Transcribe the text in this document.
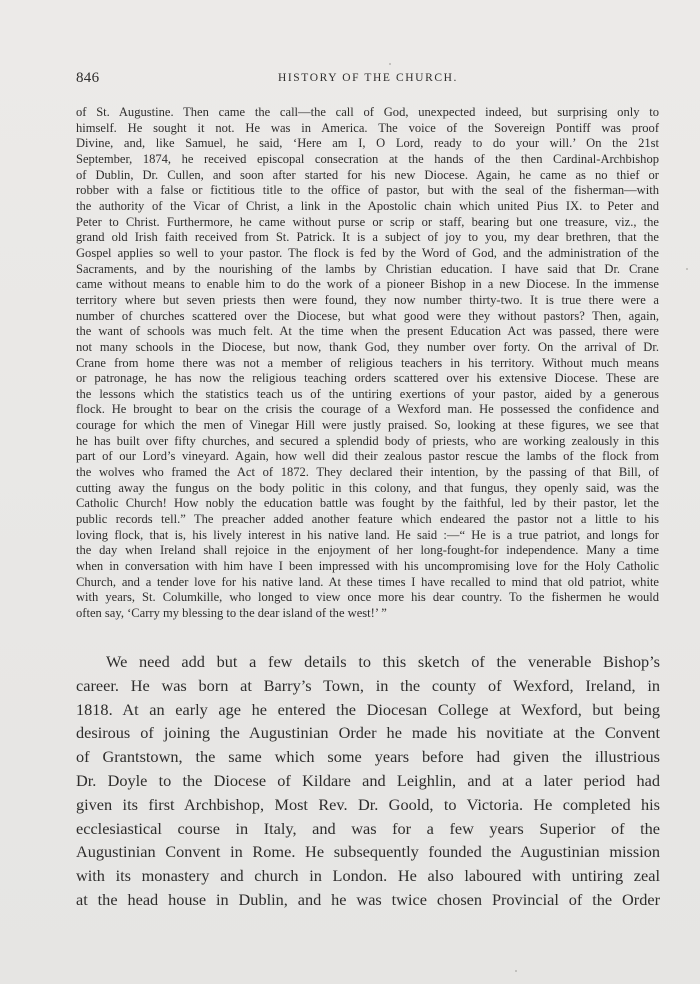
846	HISTORY OF THE CHURCH.
of St. Augustine. Then came the call—the call of God, unexpected indeed, but surprising only to
himself. He sought it not. He was in America. The voice of the Sovereign Pontiff was proof
Divine, and, like Samuel, he said, ‘Here am I, O Lord, ready to do your will.’ On the 21st
September, 1874, he received episcopal consecration at the hands of the then Cardinal-Archbishop
of Dublin, Dr. Cullen, and soon after started for his new Diocese. Again, he came as no thief or
robber with a false or fictitious title to the office of pastor, but with the seal of the fisherman—with
the authority of the Vicar of Christ, a link in the Apostolic chain which united Pius IX. to Peter and
Peter to Christ. Furthermore, he came without purse or scrip or staff, bearing but one treasure, viz., the
grand old Irish faith received from St. Patrick. It is a subject of joy to you, my dear brethren, that the
Gospel applies so well to your pastor. The flock is fed by the Word of God, and the administration of the
Sacraments, and by the nourishing of the lambs by Christian education. I have said that Dr. Crane
came without means to enable him to do the work of a pioneer Bishop in a new Diocese. In the immense
territory where but seven priests then were found, they now number thirty-two. It is true there were a
number of churches scattered over the Diocese, but what good were they without pastors? Then, again,
the want of schools was much felt. At the time when the present Education Act was passed, there were
not many schools in the Diocese, but now, thank God, they number over forty. On the arrival of Dr.
Crane from home there was not a member of religious teachers in his territory. Without much means
or patronage, he has now the religious teaching orders scattered over his extensive Diocese. These are
the lessons which the statistics teach us of the untiring exertions of your pastor, aided by a generous
flock. He brought to bear on the crisis the courage of a Wexford man. He possessed the confidence and
courage for which the men of Vinegar Hill were justly praised. So, looking at these figures, we see that
he has built over fifty churches, and secured a splendid body of priests, who are working zealously in this
part of our Lord’s vineyard. Again, how well did their zealous pastor rescue the lambs of the flock from
the wolves who framed the Act of 1872. They declared their intention, by the passing of that Bill, of
cutting away the fungus on the body politic in this colony, and that fungus, they openly said, was the
Catholic Church! How nobly the education battle was fought by the faithful, led by their pastor, let the
public records tell.” The preacher added another feature which endeared the pastor not a little to his
loving flock, that is, his lively interest in his native land. He said :—“ He is a true patriot, and longs for
the day when Ireland shall rejoice in the enjoyment of her long-fought-for independence. Many a time
when in conversation with him have I been impressed with his uncompromising love for the Holy Catholic
Church, and a tender love for his native land. At these times I have recalled to mind that old patriot, white
with years, St. Columkille, who longed to view once more his dear country. To the fishermen he would
often say, ‘Carry my blessing to the dear island of the west!’ ”
We need add but a few details to this sketch of the venerable Bishop’s
career. He was born at Barry’s Town, in the county of Wexford, Ireland, in
1818. At an early age he entered the Diocesan College at Wexford, but being
desirous of joining the Augustinian Order he made his novitiate at the Convent
of Grantstown, the same which some years before had given the illustrious
Dr. Doyle to the Diocese of Kildare and Leighlin, and at a later period had
given its first Archbishop, Most Rev. Dr. Goold, to Victoria. He completed his
ecclesiastical course in Italy, and was for a few years Superior of the
Augustinian Convent in Rome. He subsequently founded the Augustinian mission
with its monastery and church in London. He also laboured with untiring zeal
at the head house in Dublin, and he was twice chosen Provincial of the Order
